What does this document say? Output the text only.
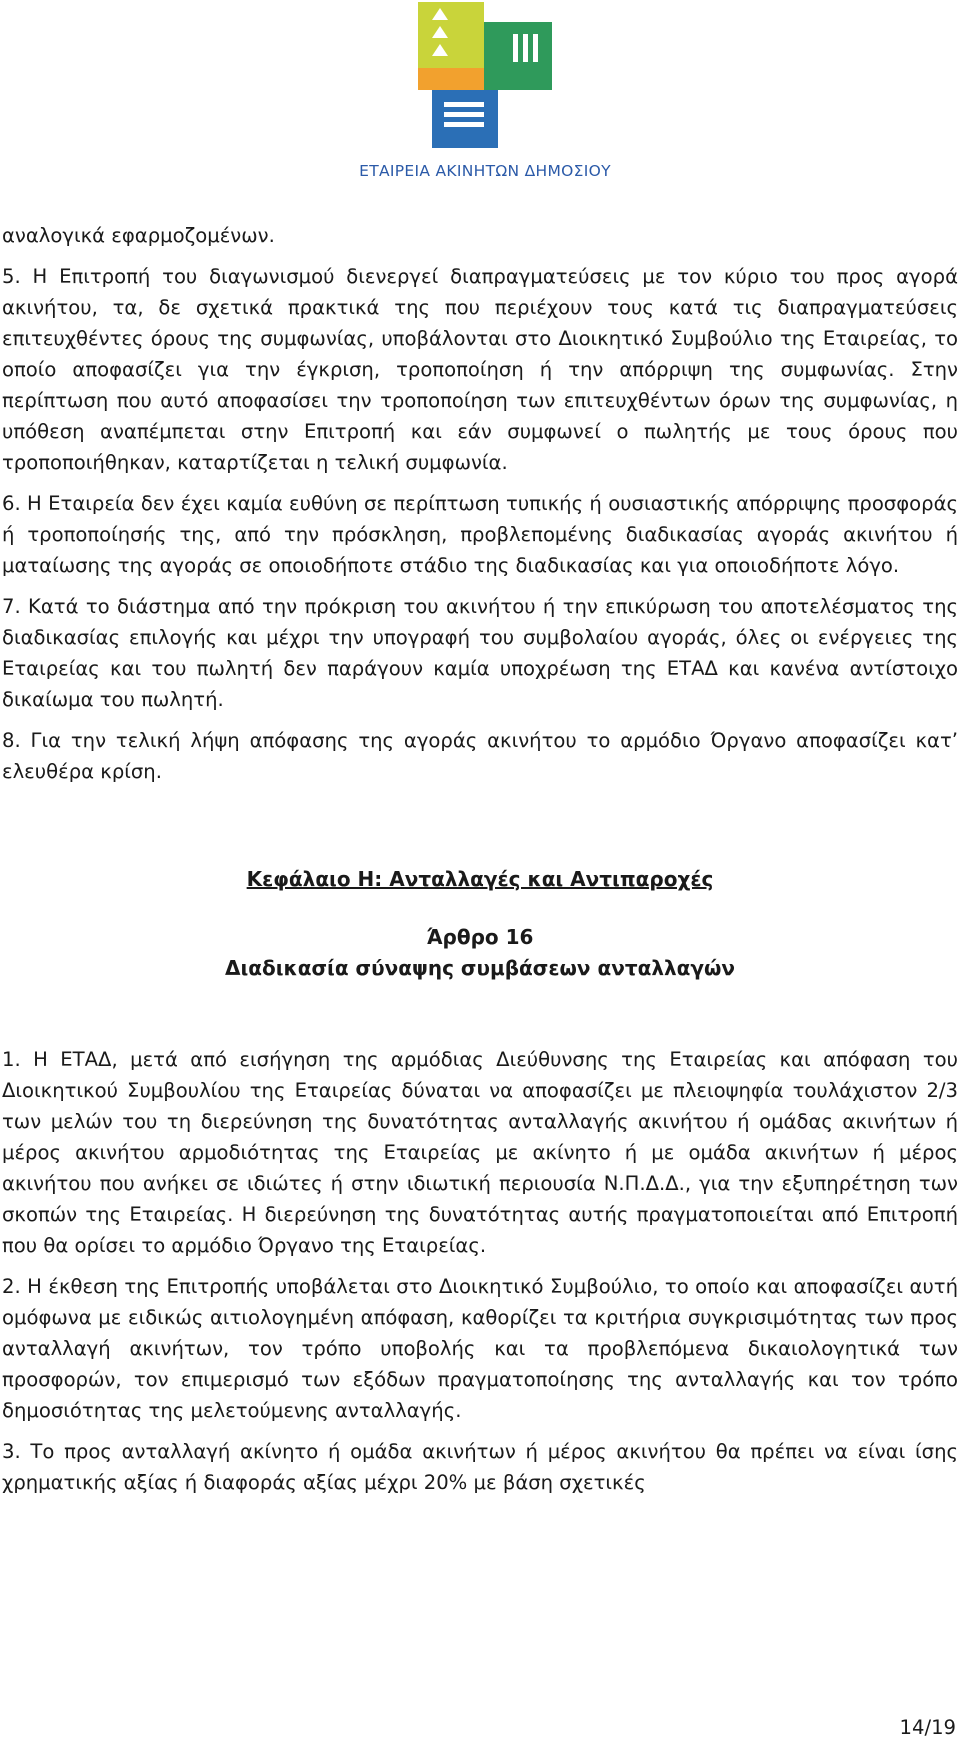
ΕΤΑΙΡΕΙΑ ΑΚΙΝΗΤΩΝ ΔΗΜΟΣΙΟΥ

αναλογικά εφαρμοζομένων.

5. Η Επιτροπή του διαγωνισμού διενεργεί διαπραγματεύσεις με τον κύριο του προς αγορά ακινήτου, τα, δε σχετικά πρακτικά της που περιέχουν τους κατά τις διαπραγματεύσεις επιτευχθέντες όρους της συμφωνίας, υποβάλονται στο Διοικητικό Συμβούλιο της Εταιρείας, το οποίο αποφασίζει για την έγκριση, τροποποίηση ή την απόρριψη της συμφωνίας. Στην περίπτωση που αυτό αποφασίσει την τροποποίηση των επιτευχθέντων όρων της συμφωνίας, η υπόθεση αναπέμπεται στην Επιτροπή και εάν συμφωνεί ο πωλητής με τους όρους που τροποποιήθηκαν, καταρτίζεται η τελική συμφωνία.

6. Η Εταιρεία δεν έχει καμία ευθύνη σε περίπτωση τυπικής ή ουσιαστικής απόρριψης προσφοράς ή τροποποίησής της, από την πρόσκληση, προβλεπομένης διαδικασίας αγοράς ακινήτου ή ματαίωσης της αγοράς σε οποιοδήποτε στάδιο της διαδικασίας και για οποιοδήποτε λόγο.

7. Κατά το διάστημα από την πρόκριση του ακινήτου ή την επικύρωση του αποτελέσματος της διαδικασίας επιλογής και μέχρι την υπογραφή του συμβολαίου αγοράς, όλες οι ενέργειες της Εταιρείας και του πωλητή δεν παράγουν καμία υποχρέωση της ΕΤΑΔ και κανένα αντίστοιχο δικαίωμα του πωλητή.

8. Για την τελική λήψη απόφασης της αγοράς ακινήτου το αρμόδιο Όργανο αποφασίζει κατ’ ελευθέρα κρίση.

Κεφάλαιο Η: Ανταλλαγές και Αντιπαροχές
Άρθρο 16
Διαδικασία σύναψης συμβάσεων ανταλλαγών

1. Η ΕΤΑΔ, μετά από εισήγηση της αρμόδιας Διεύθυνσης της Εταιρείας και απόφαση του Διοικητικού Συμβουλίου της Εταιρείας δύναται να αποφασίζει με πλειοψηφία τουλάχιστον 2/3 των μελών του τη διερεύνηση της δυνατότητας ανταλλαγής ακινήτου ή ομάδας ακινήτων ή μέρος ακινήτου αρμοδιότητας της Εταιρείας με ακίνητο ή με ομάδα ακινήτων ή μέρος ακινήτου που ανήκει σε ιδιώτες ή στην ιδιωτική περιουσία Ν.Π.Δ.Δ., για την εξυπηρέτηση των σκοπών της Εταιρείας. Η διερεύνηση της δυνατότητας αυτής πραγματοποιείται από Επιτροπή που θα ορίσει το αρμόδιο Όργανο της Εταιρείας.

2. Η έκθεση της Επιτροπής υποβάλεται στο Διοικητικό Συμβούλιο, το οποίο και αποφασίζει αυτή ομόφωνα με ειδικώς αιτιολογημένη απόφαση, καθορίζει τα κριτήρια συγκρισιμότητας των προς ανταλλαγή ακινήτων, τον τρόπο υποβολής και τα προβλεπόμενα δικαιολογητικά των προσφορών, τον επιμερισμό των εξόδων πραγματοποίησης της ανταλλαγής και τον τρόπο δημοσιότητας της μελετούμενης ανταλλαγής.

3. Το προς ανταλλαγή ακίνητο ή ομάδα ακινήτων ή μέρος ακινήτου θα πρέπει να είναι ίσης χρηματικής αξίας ή διαφοράς αξίας μέχρι 20% με βάση σχετικές

14/19
